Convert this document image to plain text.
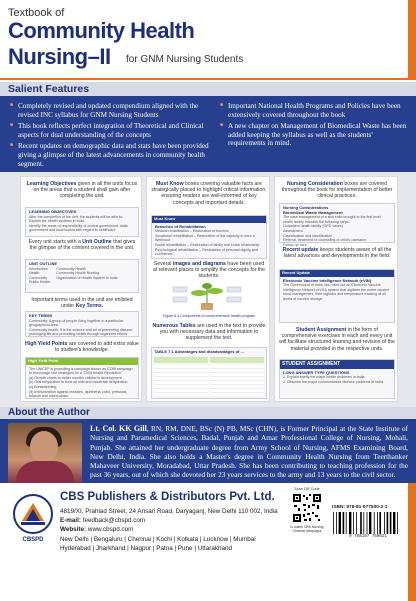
Textbook of
Community Health
Nursing–II for GNM Nursing Students
Salient Features
■ Completely revised and updated compendium aligned with the revised INC syllabus for GNM Nursing Students
■ This book reflects perfect integration of Theoretical and Clinical aspects for dual understanding of the concepts
■ Recent updates on demographic data and stats have been provided giving a glimpse of the latest advancements in community health segment.
■ Important National Health Programs and Policies have been extensively covered throughout the book
■ A new chapter on Management of Biomedical Waste has been added keeping the syllabus as well as the students' requirements in mind.
Learning Objectives given in all the units focus on the areas that a student shall gain after completing the unit.
LEARNING OBJECTIVES
After the completion of the unit, the students will be able to:
Explain the health systems in India
Identify the areas of responsibility of central government, state government and local bodies with regard to healthcare
Every unit starts with a Unit Outline that gives the glimpse of the content covered in the unit.
UNIT OUTLINE
Introduction
Health
Community
Public Health
Community Health
Community Health Nursing
Organization of Health System in India
Important terms used in the unit are enlisted under Key Terms.
KEY TERMS
Community: A group of people living together in a particular geographical area.
Community health: It is the science and art of preventing disease, prolonging life and promoting health through organized efforts.
High Yield Points are covered to add extra value to student's knowledge.
High Yield Point
The UNICEF is promoting a campaign known as GOBI campaign to encourage four strategies for a 'Child Health Revolution'
(a) Growth charts to better monitor children's development
(b) Oral rehydration to treat all mild and moderate dehydration
(c) Breastfeeding
(d) Immunization against measles, diphtheria, polio, pertussis, tetanus and tuberculosis
Must Know boxes covering valuable facts are strategically placed to highlight critical information, ensuring readers are well-informed of key concepts and important details.
Must Know
Branches of Rehabilitation
Medical rehabilitation – Restoration of function
Vocational rehabilitation – Restoration of the capacity to earn a livelihood
Social rehabilitation – Restoration of family and social relationship
Psychological rehabilitation – Restoration of personal dignity and confidence
Several images and diagrams have been used at relevant places to simplify the concepts for the students.
Figure 6.4 Components of comprehensive health program
Numerous Tables are used in the text to provide you with necessary data and information to supplement the text.
TABLE 7.1 Advantages and disadvantages of ...
Nursing Consideration boxes are covered throughout the book for implementation of better clinical practices.
Nursing Considerations
Biomedical Waste Management
The case management of a sick child brought to the first level health facility includes the following steps:
Outpatient health facility (OPD cases)
Assessment
Classification and identification
Referral, treatment or counseling of child's caretaker
Follow-up care
Recent update keeps students aware of all the latest advances and developments in the field.
Recent Update
Electronic Vaccine Intelligence Network (eVIN)
The Government of India has rolled out an Electronic Vaccine Intelligence Network (eVIN) system that digitizes the entire vaccine stock management, their logistics and temperature tracking at all levels of vaccine storage.
Student Assignment in the form of comprehensive exercises in each and every unit will facilitate structured learning and revision of the material provided in the respective units.
STUDENT ASSIGNMENT
LONG ANSWER TYPE QUESTIONS
1. Explain briefly the major health problems in India.
2. Describe the major communicable disease problems in India.
About the Author
Lt. Col. KK Gill, RN, RM, DNE, BSc (N) PB, MSc (CHN), is Former Principal at the State Institute of Nursing and Paramedical Sciences, Badal, Punjab and Amar Professional College of Nursing, Mohali, Punjab. She attained her undergraduate degree from Army School of Nursing, AFMS Examining Board, New Delhi, India. She also holds a Master's degree in Community Health Nursing from Teerthanker Mahaveer University, Moradabad, Uttar Pradesh. She has been contributing to teaching profession for the past 36 years, out of which she devoted her 23 years services to the army and 13 years to the civil sector.
CBSPD
CBS Publishers & Distributors Pvt. Ltd.
4819/XI, Prahlad Street, 24 Ansari Road, Daryaganj, New Delhi 110 002, India
E-mail: feedback@cbspd.com
Website: www.cbspd.com
New Delhi | Bengaluru | Chennai | Kochi | Kolkata | Lucknow | Mumbai
Hyderabad | Jharkhand | Nagpur | Patna | Pune | Uttarakhand
Scan QR Code
to watch CBS Nursing Channel webpages
ISBN: 978-81-977500-2-1
9 788197 750021
